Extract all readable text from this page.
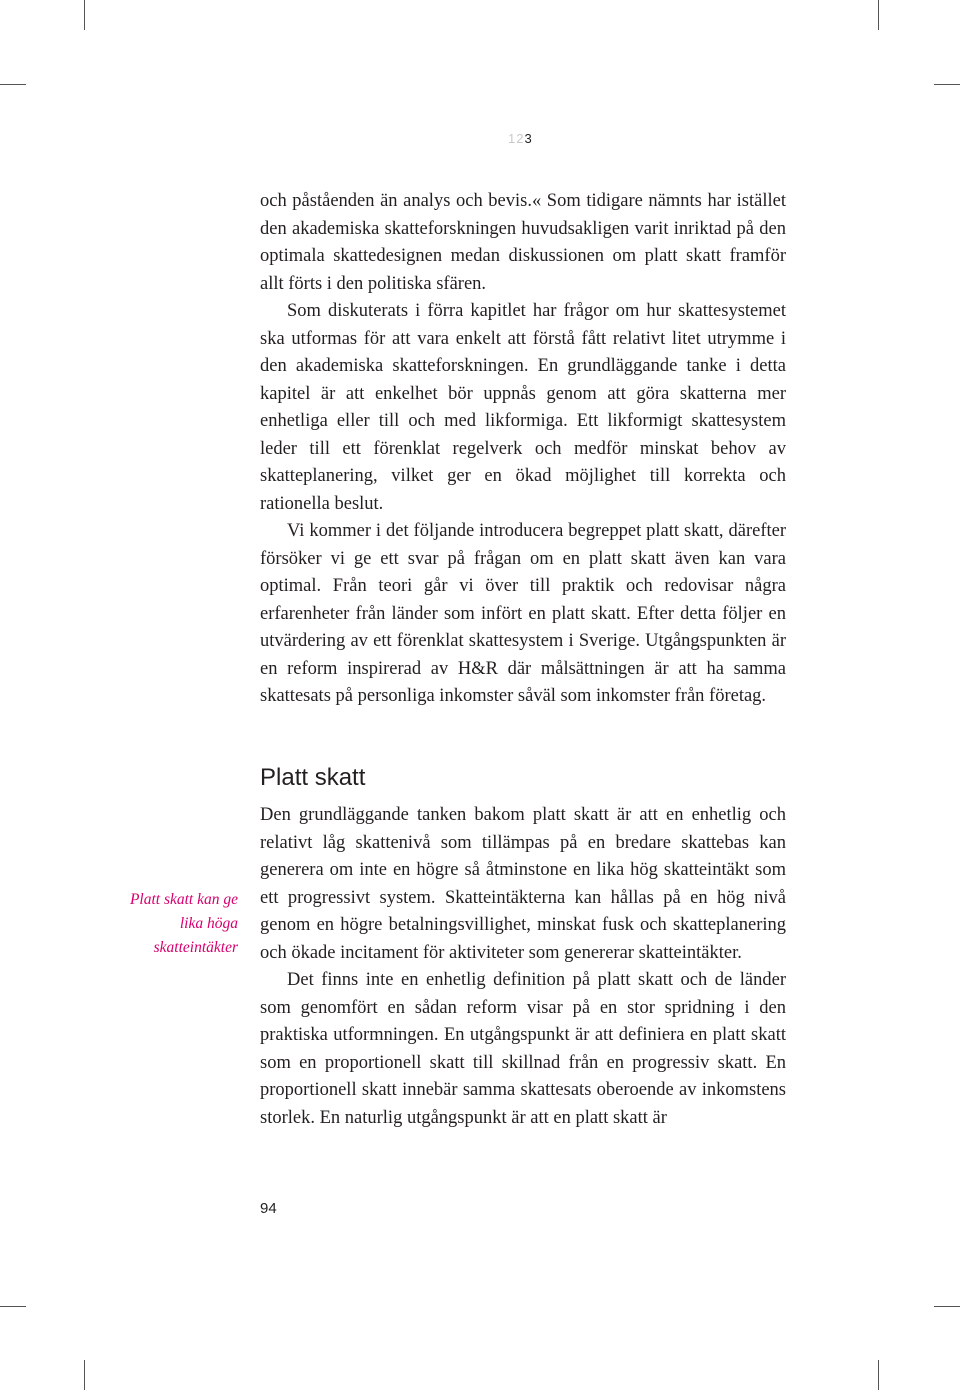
123

och påståenden än analys och bevis.« Som tidigare nämnts har istället den akademiska skatteforskningen huvudsakligen varit inriktad på den optimala skattedesignen medan diskussionen om platt skatt framför allt förts i den politiska sfären.

Som diskuterats i förra kapitlet har frågor om hur skattesystemet ska utformas för att vara enkelt att förstå fått relativt litet utrymme i den akademiska skatteforskningen. En grundläggande tanke i detta kapitel är att enkelhet bör uppnås genom att göra skatterna mer enhetliga eller till och med likformiga. Ett likformigt skattesystem leder till ett förenklat regelverk och medför minskat behov av skatteplanering, vilket ger en ökad möjlighet till korrekta och rationella beslut.

Vi kommer i det följande introducera begreppet platt skatt, därefter försöker vi ge ett svar på frågan om en platt skatt även kan vara optimal. Från teori går vi över till praktik och redovisar några erfarenheter från länder som infört en platt skatt. Efter detta följer en utvärdering av ett förenklat skattesystem i Sverige. Utgångspunkten är en reform inspirerad av H&R där målsättningen är att ha samma skattesats på personliga inkomster såväl som inkomster från företag.

Platt skatt
Platt skatt kan ge lika höga skatteintäkter

Den grundläggande tanken bakom platt skatt är att en enhetlig och relativt låg skattenivå som tillämpas på en bredare skattebas kan generera om inte en högre så åtminstone en lika hög skatteintäkt som ett progressivt system. Skatteintäkterna kan hållas på en hög nivå genom en högre betalningsvillighet, minskat fusk och skatteplanering och ökade incitament för aktiviteter som genererar skatteintäkter.

Det finns inte en enhetlig definition på platt skatt och de länder som genomfört en sådan reform visar på en stor spridning i den praktiska utformningen. En utgångspunkt är att definiera en platt skatt som en proportionell skatt till skillnad från en progressiv skatt. En proportionell skatt innebär samma skattesats oberoende av inkomstens storlek. En naturlig utgångspunkt är att en platt skatt är

94
